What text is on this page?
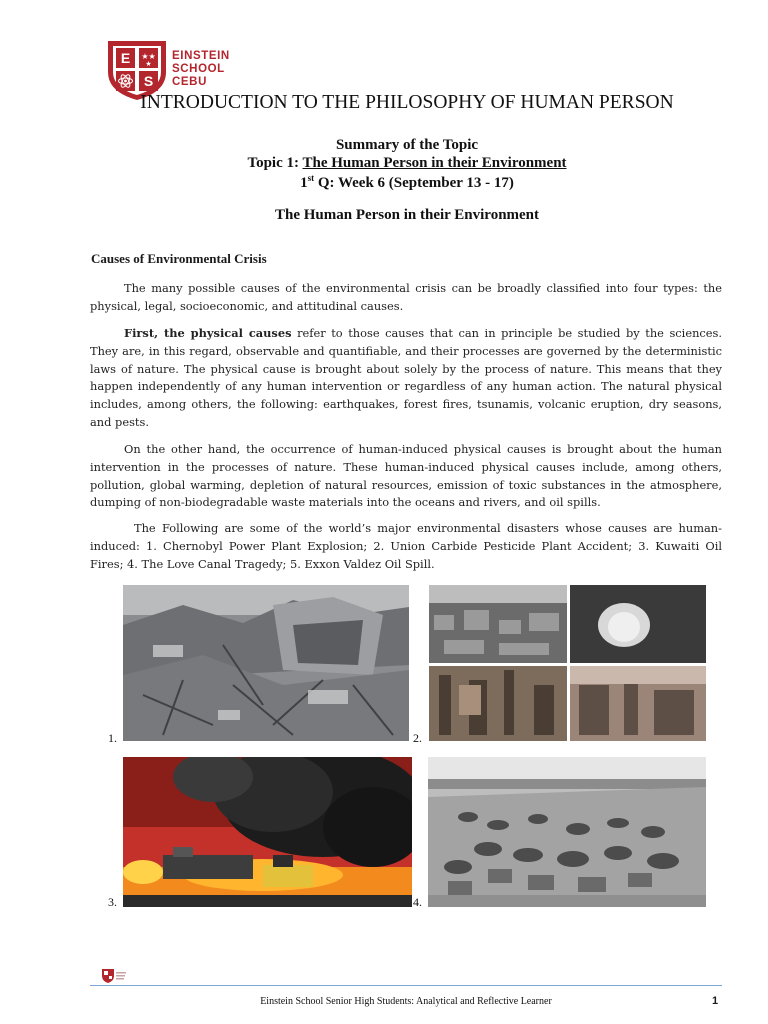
E
S
★★
★
EINSTEIN
SCHOOL
CEBU
INTRODUCTION TO THE PHILOSOPHY OF HUMAN PERSON
Summary of the Topic
Topic 1: The Human Person in their Environment
1st Q: Week 6 (September 13 - 17)
The Human Person in their Environment
Causes of Environmental Crisis

The many possible causes of the environmental crisis can be broadly classified into four types: the physical, legal, socioeconomic, and attitudinal causes.

First, the physical causes refer to those causes that can in principle be studied by the sciences. They are, in this regard, observable and quantifiable, and their processes are governed by the deterministic laws of nature. The physical cause is brought about solely by the process of nature. This means that they happen independently of any human intervention or regardless of any human action. The natural physical includes, among others, the following: earthquakes, forest fires, tsunamis, volcanic eruption, dry seasons, and pests.

On the other hand, the occurrence of human-induced physical causes is brought about the human intervention in the processes of nature. These human-induced physical causes include, among others, pollution, global warming, depletion of natural resources, emission of toxic substances in the atmosphere, dumping of non-biodegradable waste materials into the oceans and rivers, and oil spills.

The Following are some of the world’s major environmental disasters whose causes are human-induced: 1. Chernobyl Power Plant Explosion; 2. Union Carbide Pesticide Plant Accident; 3. Kuwaiti Oil Fires; 4. The Love Canal Tragedy; 5. Exxon Valdez Oil Spill.

1.	2.
3.	4.
Einstein School Senior High Students: Analytical and Reflective Learner	1
